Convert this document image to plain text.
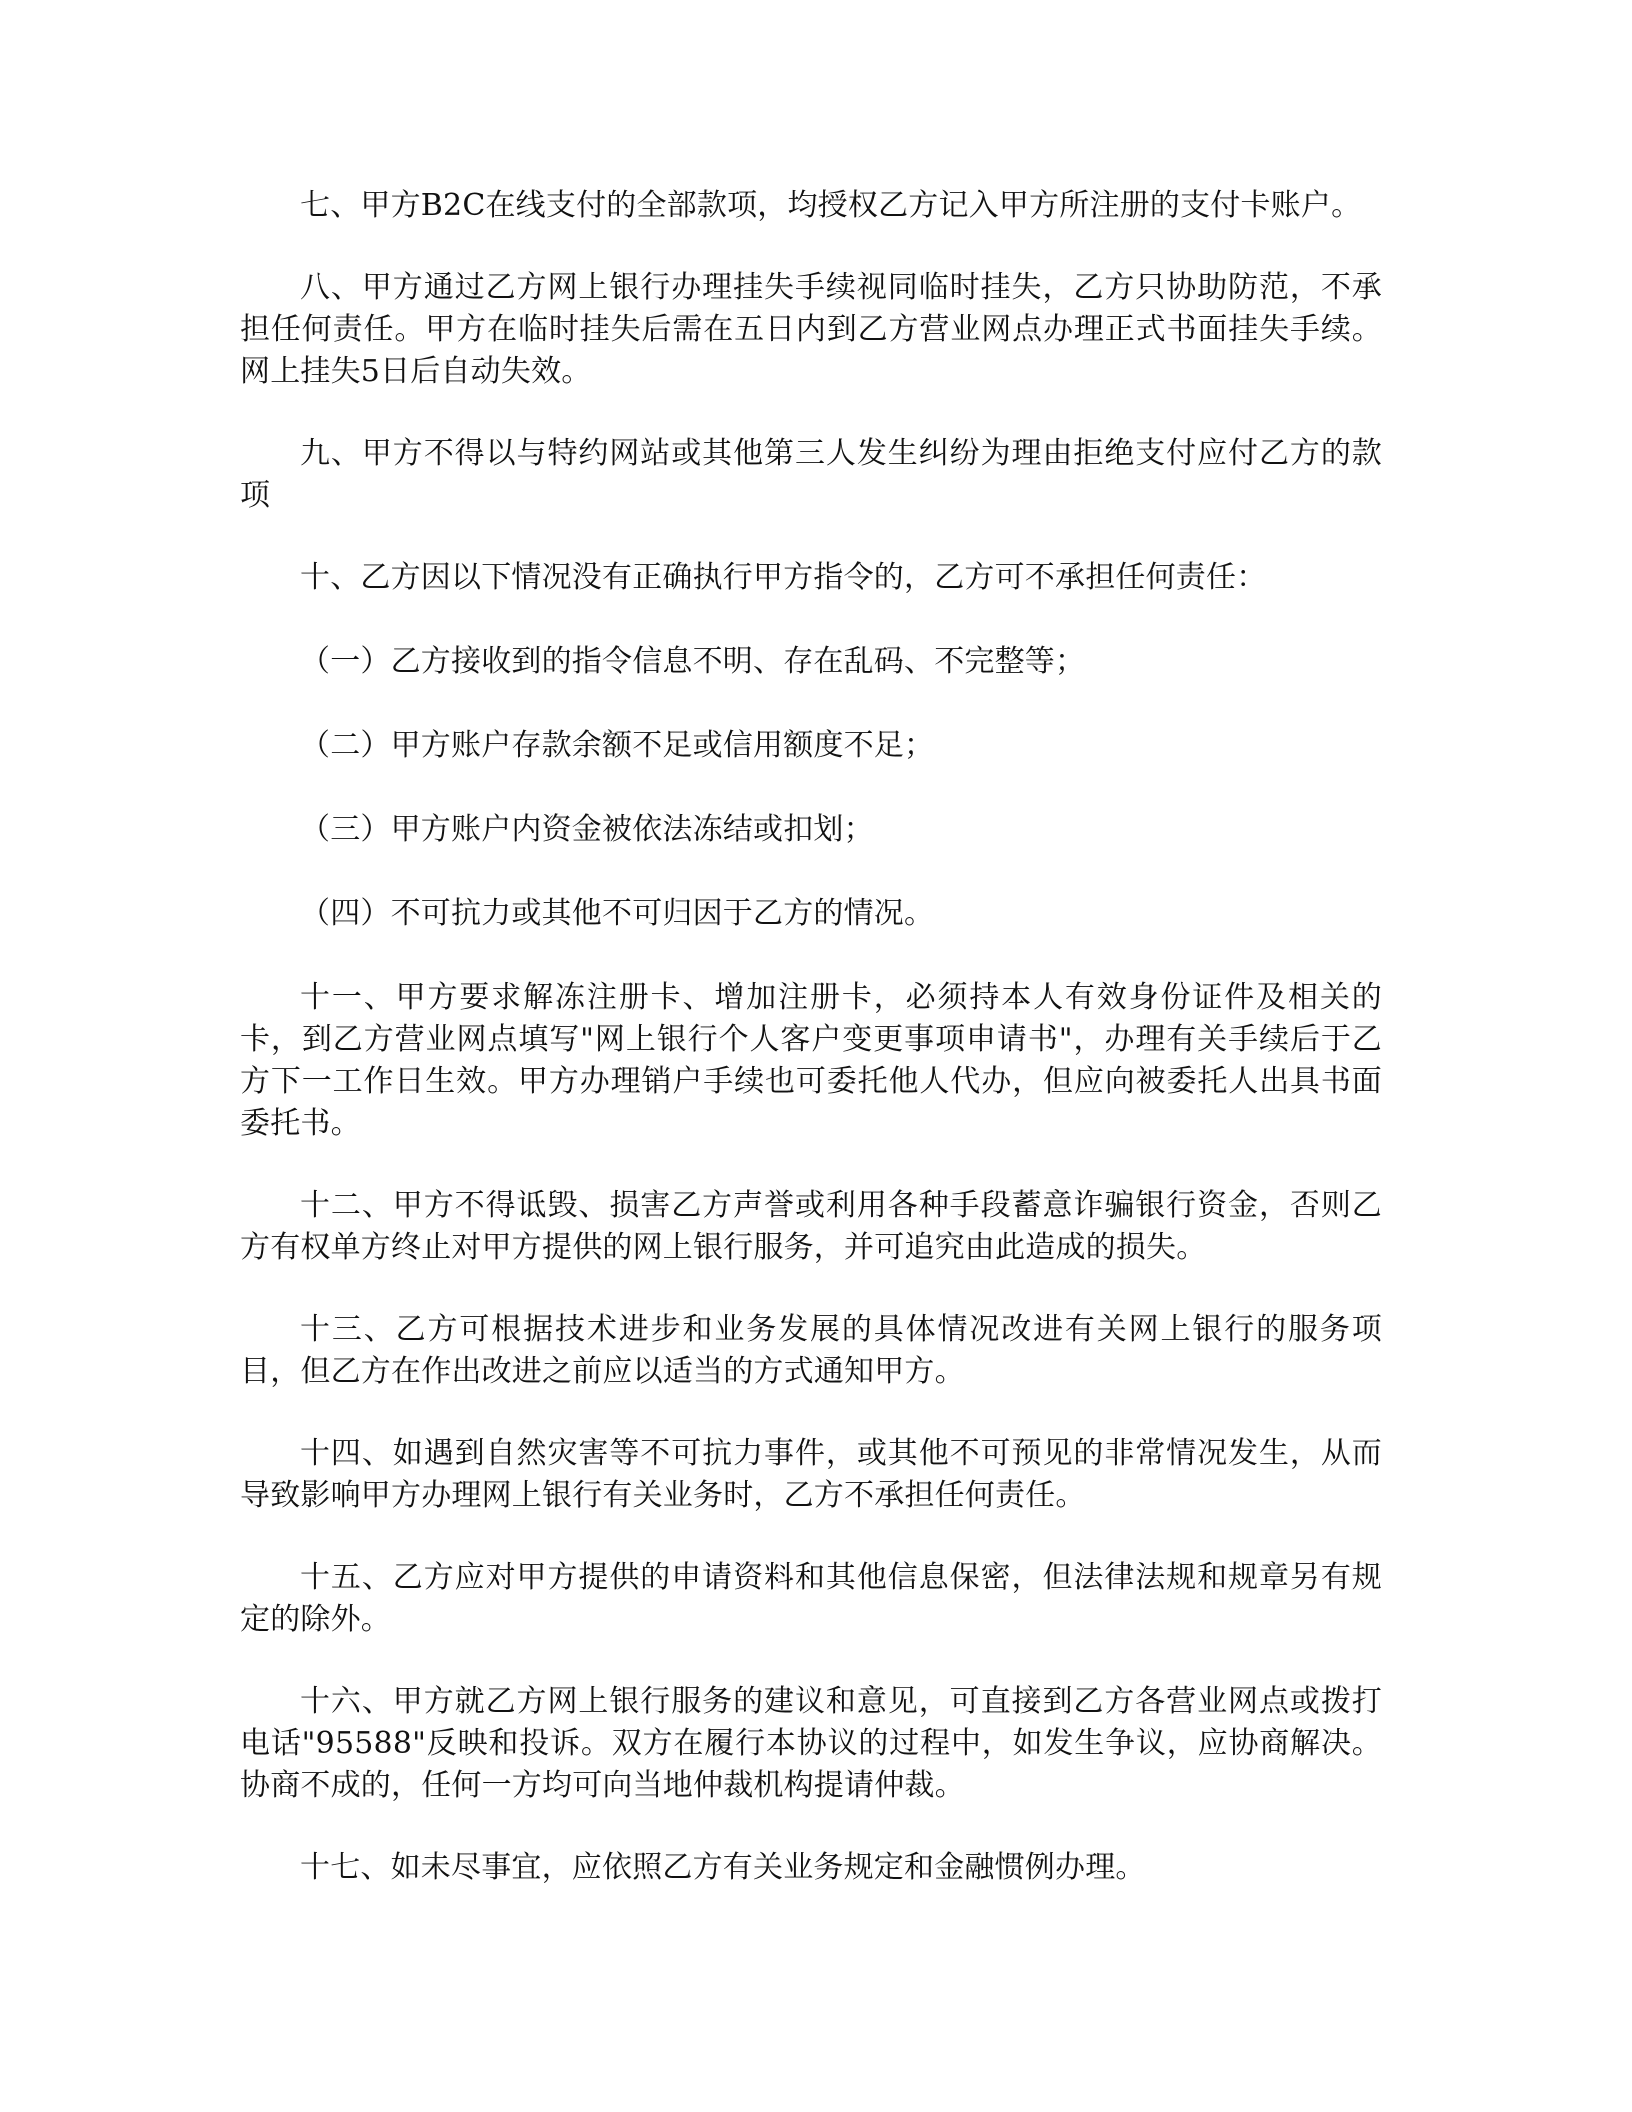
七、甲方B2C在线支付的全部款项，均授权乙方记入甲方所注册的支付卡账户。

八、甲方通过乙方网上银行办理挂失手续视同临时挂失，乙方只协助防范，不承担任何责任。甲方在临时挂失后需在五日内到乙方营业网点办理正式书面挂失手续。网上挂失5日后自动失效。

九、甲方不得以与特约网站或其他第三人发生纠纷为理由拒绝支付应付乙方的款项

十、乙方因以下情况没有正确执行甲方指令的，乙方可不承担任何责任：

（一）乙方接收到的指令信息不明、存在乱码、不完整等；

（二）甲方账户存款余额不足或信用额度不足；

（三）甲方账户内资金被依法冻结或扣划；

（四）不可抗力或其他不可归因于乙方的情况。

十一、甲方要求解冻注册卡、增加注册卡，必须持本人有效身份证件及相关的卡，到乙方营业网点填写"网上银行个人客户变更事项申请书"，办理有关手续后于乙方下一工作日生效。甲方办理销户手续也可委托他人代办，但应向被委托人出具书面委托书。

十二、甲方不得诋毁、损害乙方声誉或利用各种手段蓄意诈骗银行资金，否则乙方有权单方终止对甲方提供的网上银行服务，并可追究由此造成的损失。

十三、乙方可根据技术进步和业务发展的具体情况改进有关网上银行的服务项目，但乙方在作出改进之前应以适当的方式通知甲方。

十四、如遇到自然灾害等不可抗力事件，或其他不可预见的非常情况发生，从而导致影响甲方办理网上银行有关业务时，乙方不承担任何责任。

十五、乙方应对甲方提供的申请资料和其他信息保密，但法律法规和规章另有规定的除外。

十六、甲方就乙方网上银行服务的建议和意见，可直接到乙方各营业网点或拨打电话"95588"反映和投诉。双方在履行本协议的过程中，如发生争议，应协商解决。协商不成的，任何一方均可向当地仲裁机构提请仲裁。

十七、如未尽事宜，应依照乙方有关业务规定和金融惯例办理。
